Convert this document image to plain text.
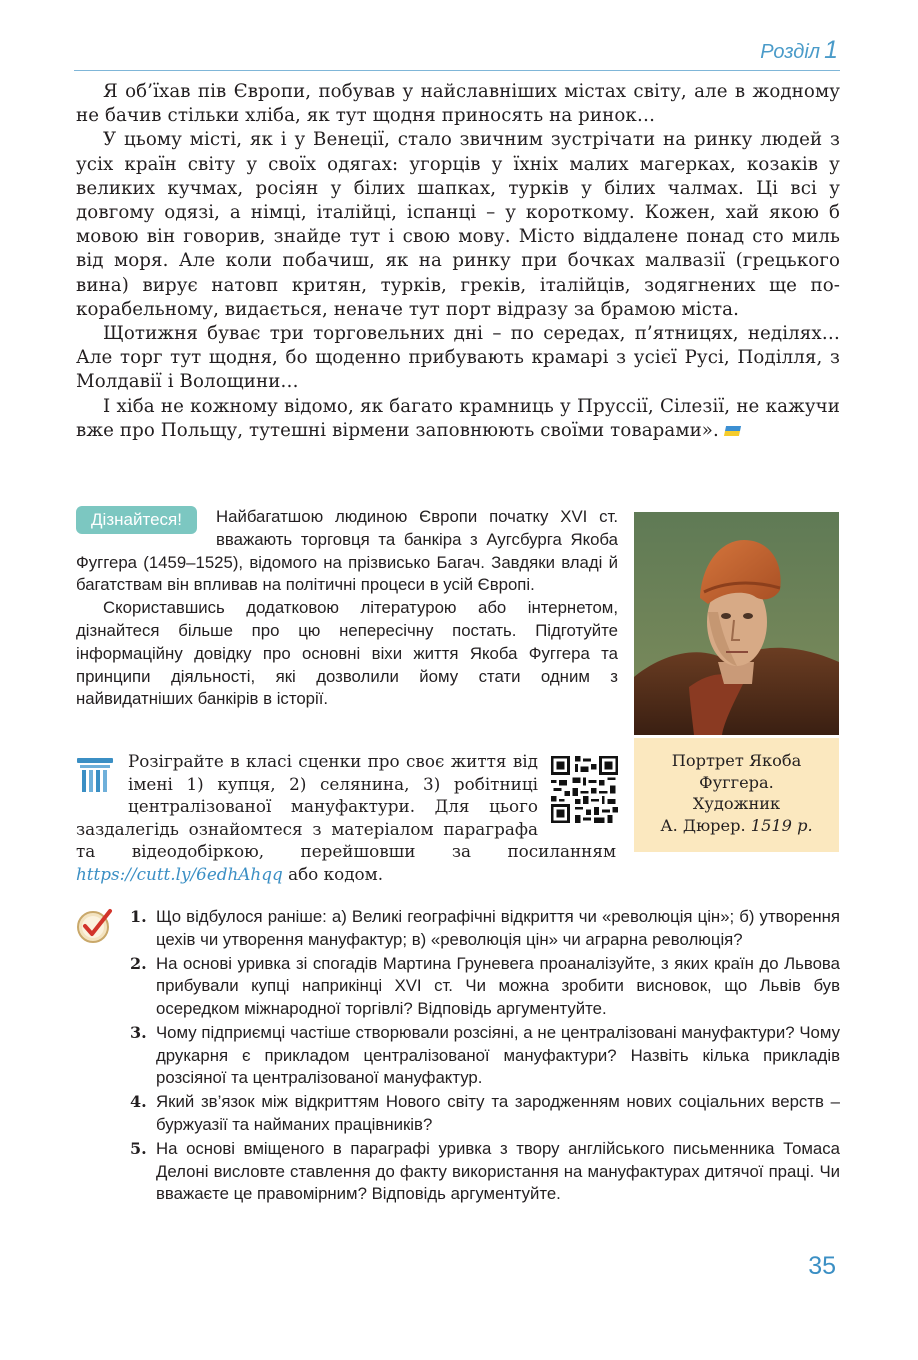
Розділ 1

Я об’їхав пів Європи, побував у найславніших містах світу, але в жодному не бачив стільки хліба, як тут щодня приносять на ринок…

У цьому місті, як і у Венеції, стало звичним зустрічати на ринку людей з усіх країн світу у своїх одягах: угорців у їхніх малих магерках, козаків у великих кучмах, росіян у білих шапках, турків у білих чалмах. Ці всі у довгому одязі, а німці, італійці, іспанці – у короткому. Кожен, хай якою б мовою він говорив, знайде тут і свою мову. Місто віддалене понад сто миль від моря. Але коли побачиш, як на ринку при бочках малвазії (грецького вина) вирує натовп критян, турків, греків, італійців, зодягнених ще по-корабельному, видається, неначе тут порт відразу за брамою міста.

Щотижня буває три торговельних дні – по середах, п’ятницях, неділях… Але торг тут щодня, бо щоденно прибувають крамарі з усієї Русі, Поділля, з Молдавії і Волощини…

І хіба не кожному відомо, як багато крамниць у Пруссії, Сілезії, не кажучи вже про Польщу, тутешні вірмени заповнюють своїми товарами».

Дізнайтеся!	Найбагатшою людиною Європи початку XVI ст. вважають торговця та банкіра з Аугсбурга Якоба Фуггера (1459–1525), відомого на прізвисько Багач. Завдяки владі й багатствам він впливав на політичні процеси в усій Європі.

Скориставшись додатковою літературою або інтернетом, дізнайтеся більше про цю непересічну постать. Підготуйте інформаційну довідку про основні віхи життя Якоба Фуггера та принципи діяльності, які дозволили йому стати одним з найвидатніших банкірів в історії.

Портрет Якоба
Фуггера.
Художник
А. Дюрер. 1519 р.
Розіграйте в класі сценки про своє життя від імені 1) купця, 2) селянина, 3) робітниці централізованої мануфактури. Для цього заздалегідь ознайомтеся з матеріалом параграфа та відеодобіркою, перейшовши за посиланням https://cutt.ly/6edhAhqq або кодом.
1. Що відбулося раніше: а) Великі географічні відкриття чи «революція цін»; б) утворення цехів чи утворення мануфактур; в) «революція цін» чи аграрна революція?
2. На основі уривка зі спогадів Мартина Груневега проаналізуйте, з яких країн до Львова прибували купці наприкінці XVI ст. Чи можна зробити висновок, що Львів був осередком міжнародної торгівлі? Відповідь аргументуйте.
3. Чому підприємці частіше створювали розсіяні, а не централізовані мануфактури? Чому друкарня є прикладом централізованої мануфактури? Назвіть кілька прикладів розсіяної та централізованої мануфактур.
4. Який зв’язок між відкриттям Нового світу та зародженням нових соціальних верств – буржуазії та найманих працівників?
5. На основі вміщеного в параграфі уривка з твору англійського письменника Томаса Делоні висловте ставлення до факту використання на мануфактурах дитячої праці. Чи вважаєте це правомірним? Відповідь аргументуйте.
35
